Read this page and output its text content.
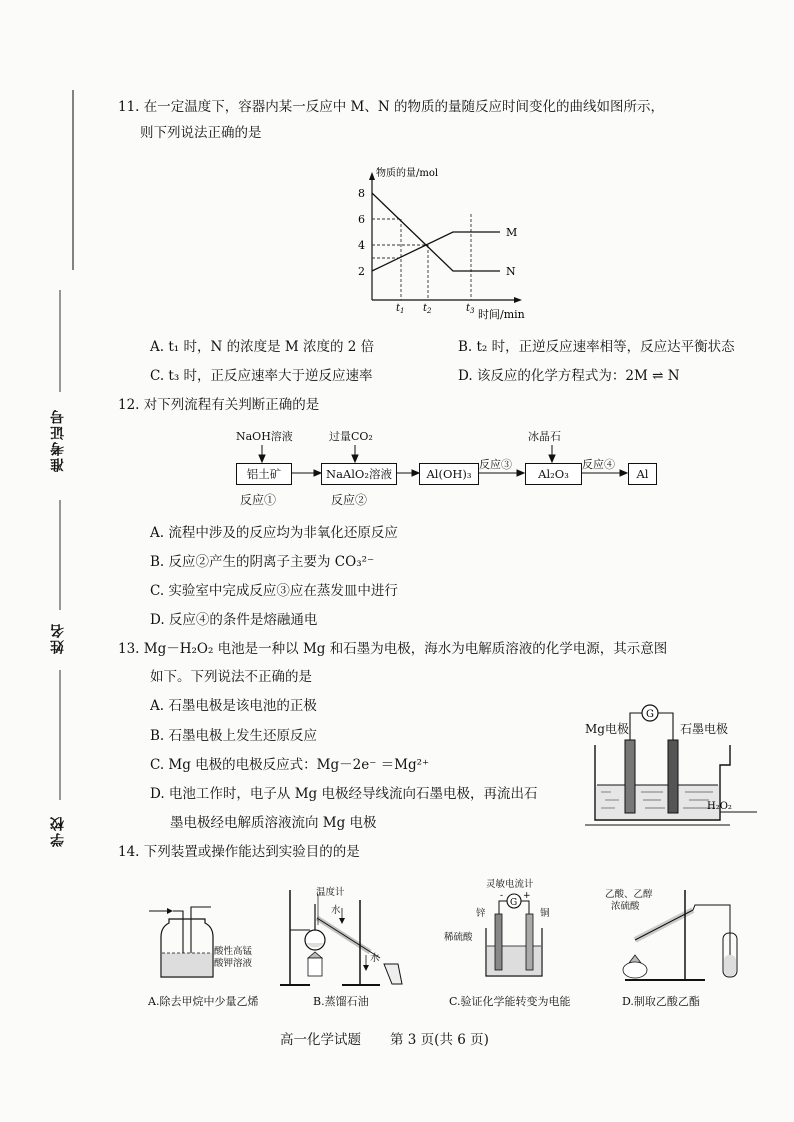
准考证号
姓名
学校
11. 在一定温度下，容器内某一反应中 M、N 的物质的量随反应时间变化的曲线如图所示，
则下列说法正确的是
物质的量/mol
时间/min
2
4
6
8
M
N
$t_1$ $t_2$	$t_3$
A. t₁ 时，N 的浓度是 M 浓度的 2 倍	B. t₂ 时，正逆反应速率相等，反应达平衡状态
C. t₃ 时，正反应速率大于逆反应速率	D. 该反应的化学方程式为：2M ⇌ N
12. 对下列流程有关判断正确的是
NaOH溶液	过量CO₂	冰晶石
铝土矿	NaAlO₂溶液	Al(OH)₃	Al₂O₃	Al
反应③	反应④
反应①	反应②
A. 流程中涉及的反应均为非氧化还原反应
B. 反应②产生的阴离子主要为 CO₃²⁻
C. 实验室中完成反应③应在蒸发皿中进行
D. 反应④的条件是熔融通电
13. Mg－H₂O₂ 电池是一种以 Mg 和石墨为电极，海水为电解质溶液的化学电源，其示意图
如下。下列说法不正确的是
A. 石墨电极是该电池的正极
B. 石墨电极上发生还原反应
C. Mg 电极的电极反应式：Mg－2e⁻ ＝Mg²⁺
D. 电池工作时，电子从 Mg 电极经导线流向石墨电极，再流出石
墨电极经电解质溶液流向 Mg 电极
G
H₂O₂
Mg电极	石墨电极
14. 下列装置或操作能达到实验目的的是
酸性高锰
酸钾溶液
A.除去甲烷中少量乙烯
温度计
水
水
B.蒸馏石油
灵敏电流计
G
- +
锌	铜
稀硫酸
C.验证化学能转变为电能
乙酸、乙醇
浓硫酸
D.制取乙酸乙酯
高一化学试题 第 3 页(共 6 页)
